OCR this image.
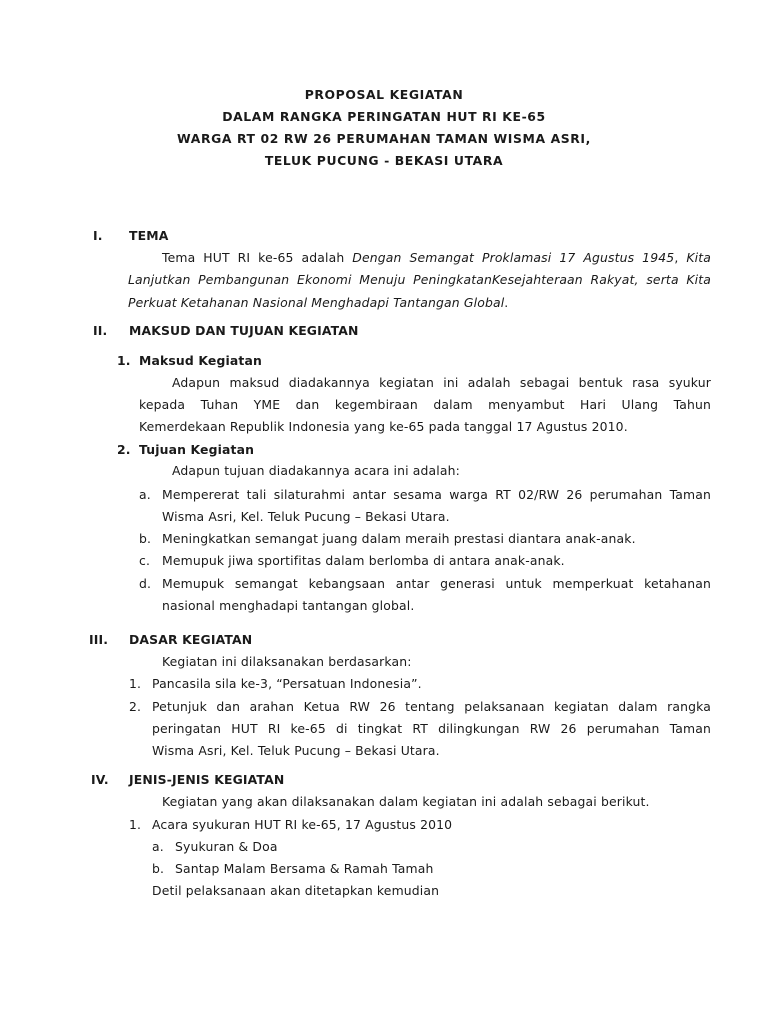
PROPOSAL KEGIATAN
DALAM RANGKA PERINGATAN HUT RI KE-65
WARGA RT 02 RW 26 PERUMAHAN TAMAN WISMA ASRI,
TELUK PUCUNG - BEKASI UTARA
I. TEMA
Tema HUT RI ke-65 adalah Dengan Semangat Proklamasi 17 Agustus 1945, Kita
Lanjutkan Pembangunan Ekonomi Menuju PeningkatanKesejahteraan Rakyat, serta Kita
Perkuat Ketahanan Nasional Menghadapi Tantangan Global.
II. MAKSUD DAN TUJUAN KEGIATAN
1. Maksud Kegiatan
Adapun maksud diadakannya kegiatan ini adalah sebagai bentuk rasa syukur
kepada Tuhan YME dan kegembiraan dalam menyambut Hari Ulang Tahun
Kemerdekaan Republik Indonesia yang ke-65 pada tanggal 17 Agustus 2010.
2. Tujuan Kegiatan
Adapun tujuan diadakannya acara ini adalah:
a. Mempererat tali silaturahmi antar sesama warga RT 02/RW 26 perumahan Taman
Wisma Asri, Kel. Teluk Pucung – Bekasi Utara.
b. Meningkatkan semangat juang dalam meraih prestasi diantara anak-anak.
c. Memupuk jiwa sportifitas dalam berlomba di antara anak-anak.
d. Memupuk semangat kebangsaan antar generasi untuk memperkuat ketahanan
nasional menghadapi tantangan global.
III. DASAR KEGIATAN
Kegiatan ini dilaksanakan berdasarkan:
1. Pancasila sila ke-3, “Persatuan Indonesia”.
2. Petunjuk dan arahan Ketua RW 26 tentang pelaksanaan kegiatan dalam rangka
peringatan HUT RI ke-65 di tingkat RT dilingkungan RW 26 perumahan Taman
Wisma Asri, Kel. Teluk Pucung – Bekasi Utara.
IV. JENIS-JENIS KEGIATAN
Kegiatan yang akan dilaksanakan dalam kegiatan ini adalah sebagai berikut.
1. Acara syukuran HUT RI ke-65, 17 Agustus 2010
a. Syukuran & Doa
b. Santap Malam Bersama & Ramah Tamah
Detil pelaksanaan akan ditetapkan kemudian
